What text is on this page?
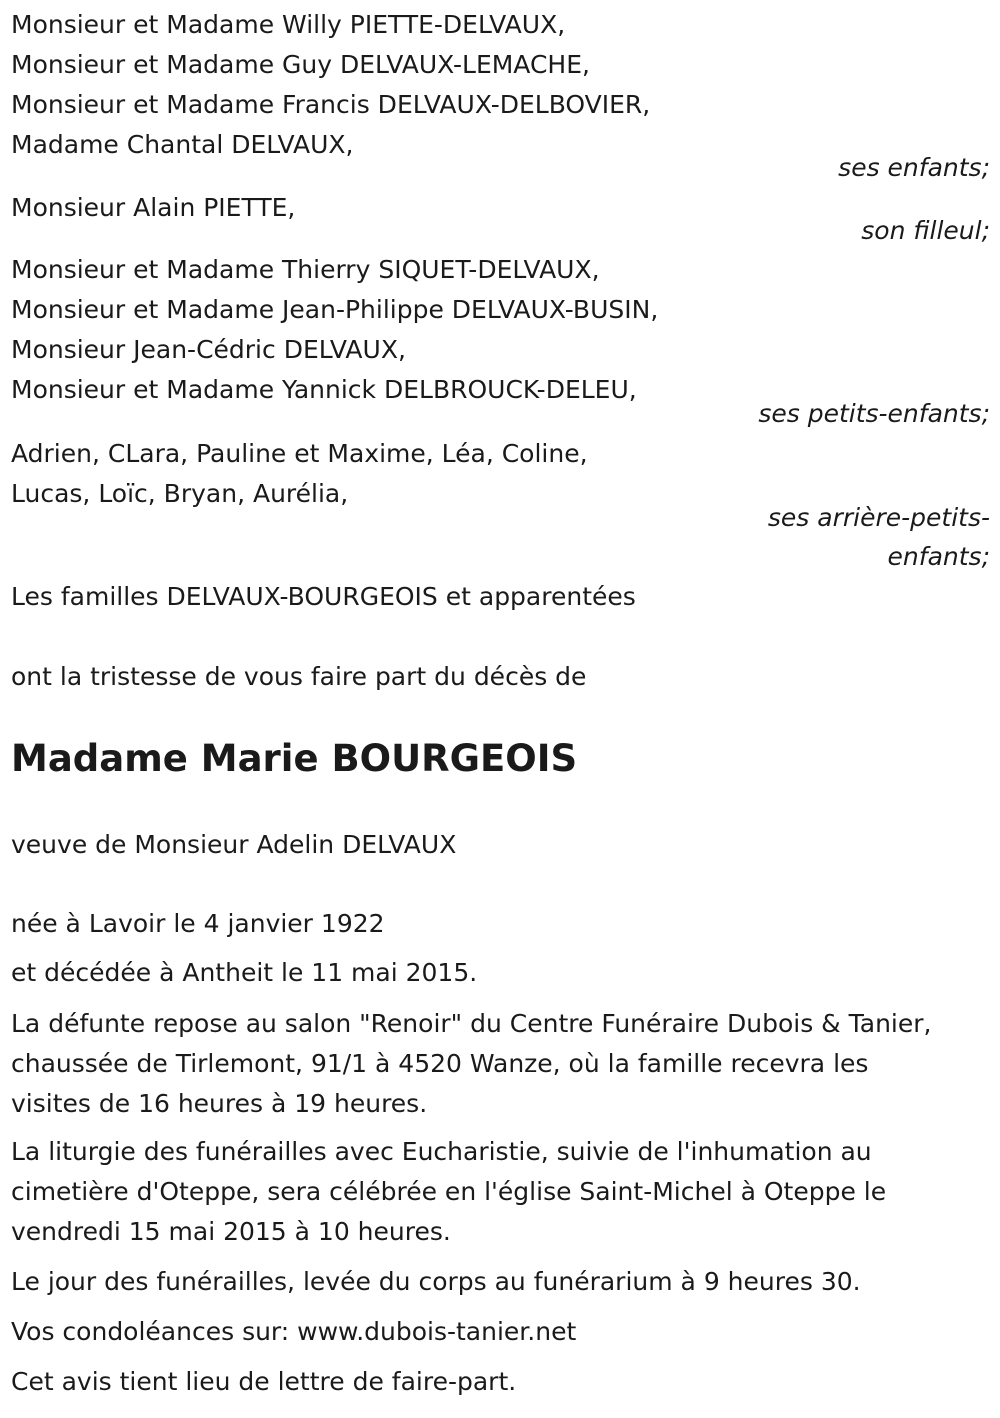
Monsieur et Madame Willy PIETTE-DELVAUX,
Monsieur et Madame Guy DELVAUX-LEMACHE,
Monsieur et Madame Francis DELVAUX-DELBOVIER,
Madame Chantal DELVAUX,
ses enfants;
Monsieur Alain PIETTE,
son filleul;
Monsieur et Madame Thierry SIQUET-DELVAUX,
Monsieur et Madame Jean-Philippe DELVAUX-BUSIN,
Monsieur Jean-Cédric DELVAUX,
Monsieur et Madame Yannick DELBROUCK-DELEU,
ses petits-enfants;
Adrien, CLara, Pauline et Maxime, Léa, Coline,
Lucas, Loïc, Bryan, Aurélia,
ses arrière-petits-
enfants;
Les familles DELVAUX-BOURGEOIS et apparentées
ont la tristesse de vous faire part du décès de
Madame Marie BOURGEOIS
veuve de Monsieur Adelin DELVAUX
née à Lavoir le 4 janvier 1922
et décédée à Antheit le 11 mai 2015.
La défunte repose au salon "Renoir" du Centre Funéraire Dubois & Tanier,
chaussée de Tirlemont, 91/1 à 4520 Wanze, où la famille recevra les
visites de 16 heures à 19 heures.
La liturgie des funérailles avec Eucharistie, suivie de l'inhumation au
cimetière d'Oteppe, sera célébrée en l'église Saint-Michel à Oteppe le
vendredi 15 mai 2015 à 10 heures.
Le jour des funérailles, levée du corps au funérarium à 9 heures 30.
Vos condoléances sur: www.dubois-tanier.net
Cet avis tient lieu de lettre de faire-part.
